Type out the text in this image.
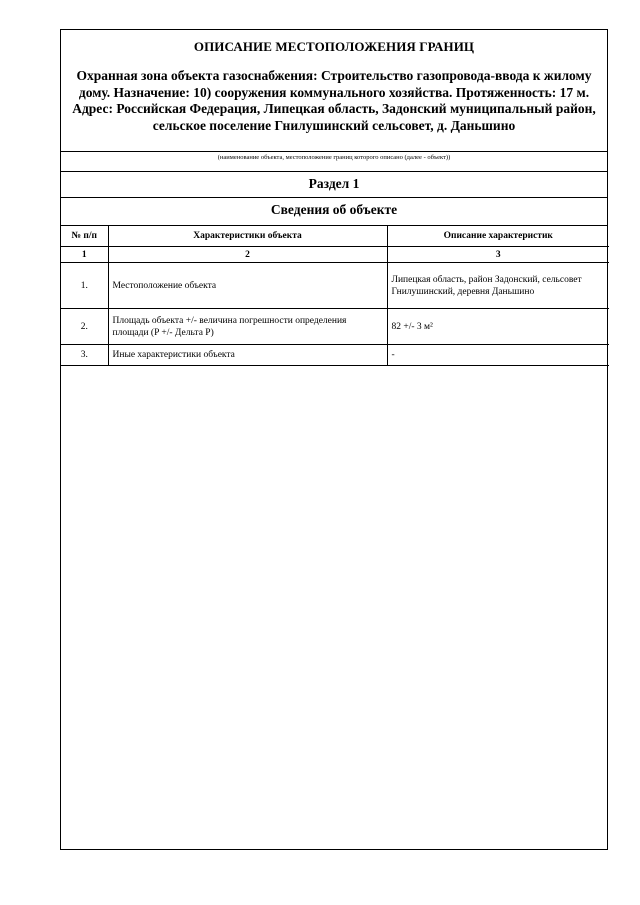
ОПИСАНИЕ МЕСТОПОЛОЖЕНИЯ ГРАНИЦ
Охранная зона объекта газоснабжения: Строительство газопровода-ввода к жилому дому. Назначение: 10) сооружения коммунального хозяйства. Протяженность: 17 м. Адрес: Российская Федерация, Липецкая область, Задонский муниципальный район, сельское поселение Гнилушинский сельсовет, д. Даньшино
(наименование объекта, местоположение границ которого описано (далее - объект))
Раздел 1
Сведения об объекте
№ п/п	Характеристики объекта	Описание характеристик
1	2	3
1.	Местоположение объекта	Липецкая область, район Задонский, сельсовет Гнилушинский, деревня Даньшино
2.	Площадь объекта +/- величина погрешности определения площади (P +/- Дельта P)	82 +/- 3 м²
3.	Иные характеристики объекта	-
